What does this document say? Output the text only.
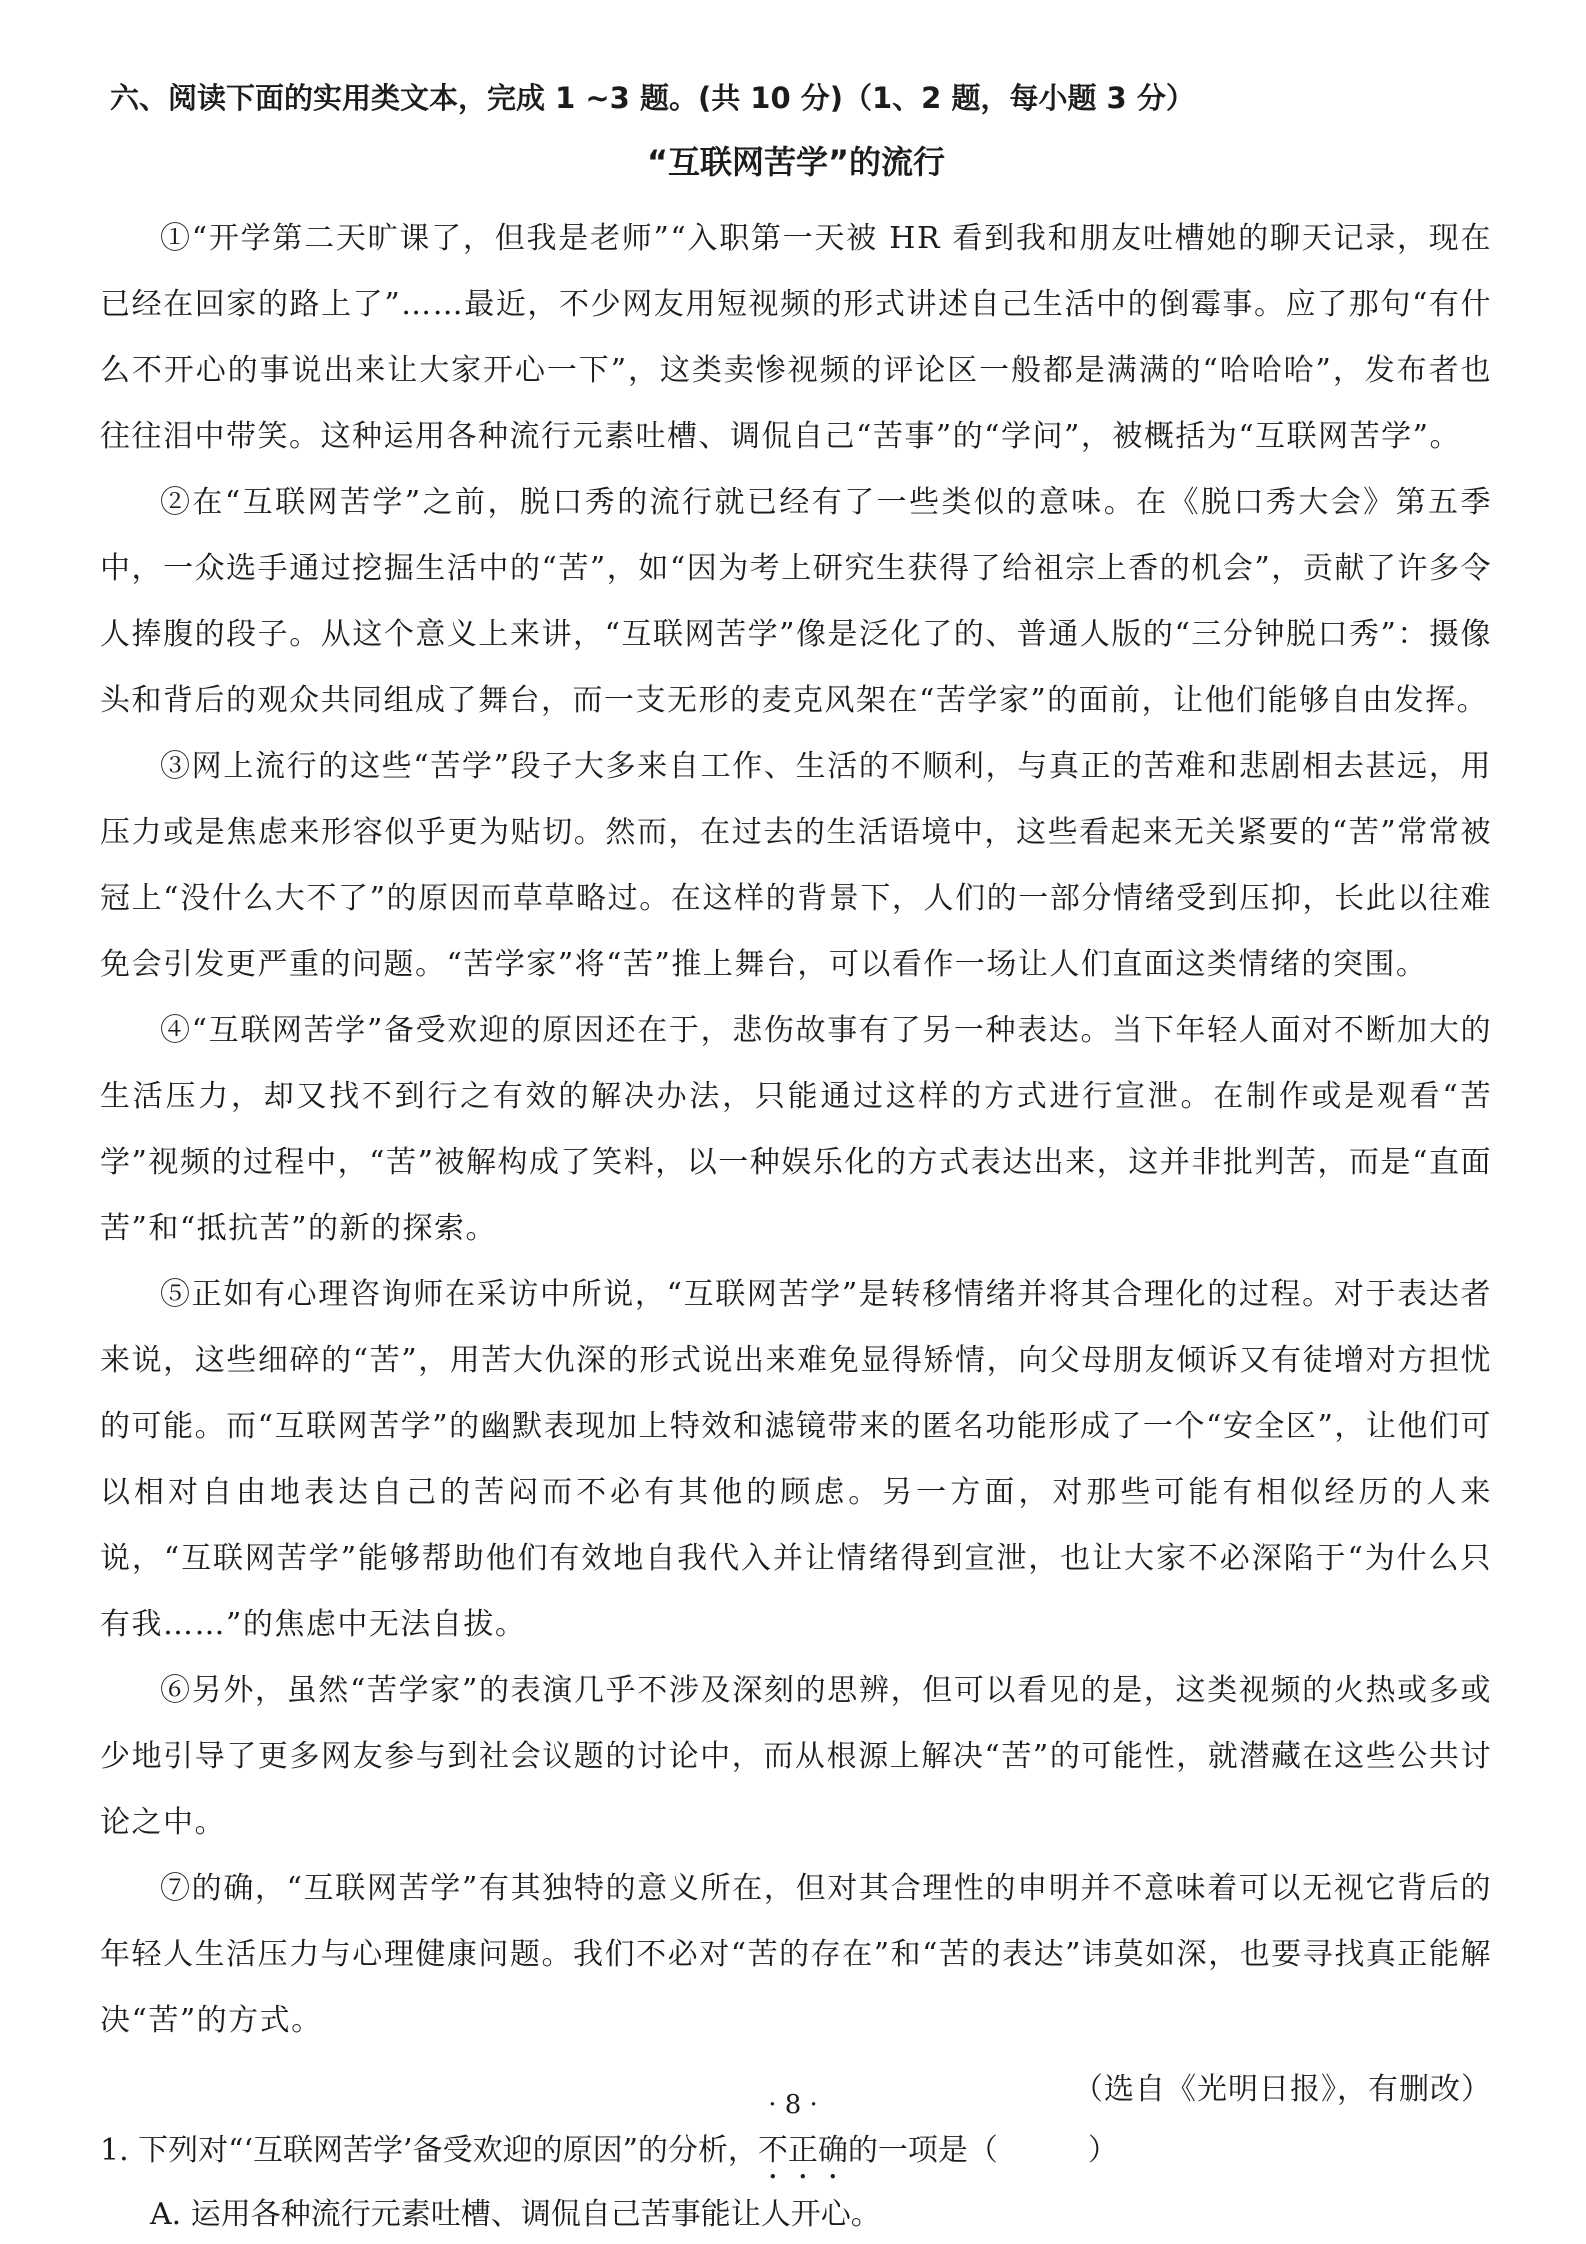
六、阅读下面的实用类文本，完成 1 ~3 题。(共 10 分)（1、2 题，每小题 3 分）
“互联网苦学”的流行

①“开学第二天旷课了，但我是老师”“入职第一天被 HR 看到我和朋友吐槽她的聊天记录，现在已经在回家的路上了”……最近，不少网友用短视频的形式讲述自己生活中的倒霉事。应了那句“有什么不开心的事说出来让大家开心一下”，这类卖惨视频的评论区一般都是满满的“哈哈哈”，发布者也往往泪中带笑。这种运用各种流行元素吐槽、调侃自己“苦事”的“学问”，被概括为“互联网苦学”。

②在“互联网苦学”之前，脱口秀的流行就已经有了一些类似的意味。在《脱口秀大会》第五季中，一众选手通过挖掘生活中的“苦”，如“因为考上研究生获得了给祖宗上香的机会”，贡献了许多令人捧腹的段子。从这个意义上来讲，“互联网苦学”像是泛化了的、普通人版的“三分钟脱口秀”：摄像头和背后的观众共同组成了舞台，而一支无形的麦克风架在“苦学家”的面前，让他们能够自由发挥。

③网上流行的这些“苦学”段子大多来自工作、生活的不顺利，与真正的苦难和悲剧相去甚远，用压力或是焦虑来形容似乎更为贴切。然而，在过去的生活语境中，这些看起来无关紧要的“苦”常常被冠上“没什么大不了”的原因而草草略过。在这样的背景下，人们的一部分情绪受到压抑，长此以往难免会引发更严重的问题。“苦学家”将“苦”推上舞台，可以看作一场让人们直面这类情绪的突围。

④“互联网苦学”备受欢迎的原因还在于，悲伤故事有了另一种表达。当下年轻人面对不断加大的生活压力，却又找不到行之有效的解决办法，只能通过这样的方式进行宣泄。在制作或是观看“苦学”视频的过程中，“苦”被解构成了笑料，以一种娱乐化的方式表达出来，这并非批判苦，而是“直面苦”和“抵抗苦”的新的探索。

⑤正如有心理咨询师在采访中所说，“互联网苦学”是转移情绪并将其合理化的过程。对于表达者来说，这些细碎的“苦”，用苦大仇深的形式说出来难免显得矫情，向父母朋友倾诉又有徒增对方担忧的可能。而“互联网苦学”的幽默表现加上特效和滤镜带来的匿名功能形成了一个“安全区”，让他们可以相对自由地表达自己的苦闷而不必有其他的顾虑。另一方面，对那些可能有相似经历的人来说，“互联网苦学”能够帮助他们有效地自我代入并让情绪得到宣泄，也让大家不必深陷于“为什么只有我……”的焦虑中无法自拔。

⑥另外，虽然“苦学家”的表演几乎不涉及深刻的思辨，但可以看见的是，这类视频的火热或多或少地引导了更多网友参与到社会议题的讨论中，而从根源上解决“苦”的可能性，就潜藏在这些公共讨论之中。

⑦的确，“互联网苦学”有其独特的意义所在，但对其合理性的申明并不意味着可以无视它背后的年轻人生活压力与心理健康问题。我们不必对“苦的存在”和“苦的表达”讳莫如深，也要寻找真正能解决“苦”的方式。

（选自《光明日报》，有删改）
1. 下列对“‘互联网苦学’备受欢迎的原因”的分析，不正确的一项是（　　　）
A. 运用各种流行元素吐槽、调侃自己苦事能让人开心。
· 8 ·
